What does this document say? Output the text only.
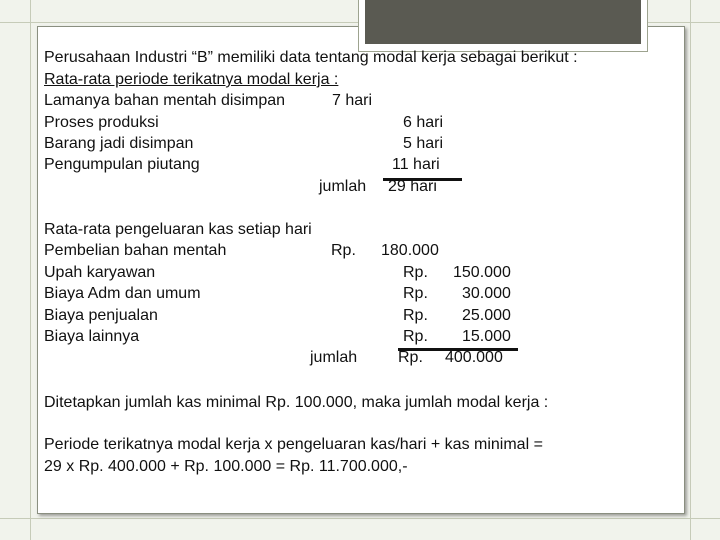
Perusahaan Industri “B” memiliki data tentang modal kerja sebagai berikut :
Rata-rata periode terikatnya modal kerja :
Lamanya bahan mentah disimpan	7 hari
Proses produksi	6 hari
Barang jadi disimpan	5 hari
Pengumpulan piutang	11 hari
jumlah 29 hari
Rata-rata pengeluaran kas setiap hari
Pembelian bahan mentah	Rp. 180.000
Upah karyawan	Rp. 150.000
Biaya Adm dan umum	Rp. 30.000
Biaya penjualan	Rp. 25.000
Biaya lainnya	Rp. 15.000
jumlah	Rp. 400.000
Ditetapkan jumlah kas minimal Rp. 100.000, maka jumlah modal kerja :
Periode terikatnya modal kerja x pengeluaran kas/hari + kas minimal =
29 x Rp. 400.000 + Rp. 100.000 = Rp. 11.700.000,-
